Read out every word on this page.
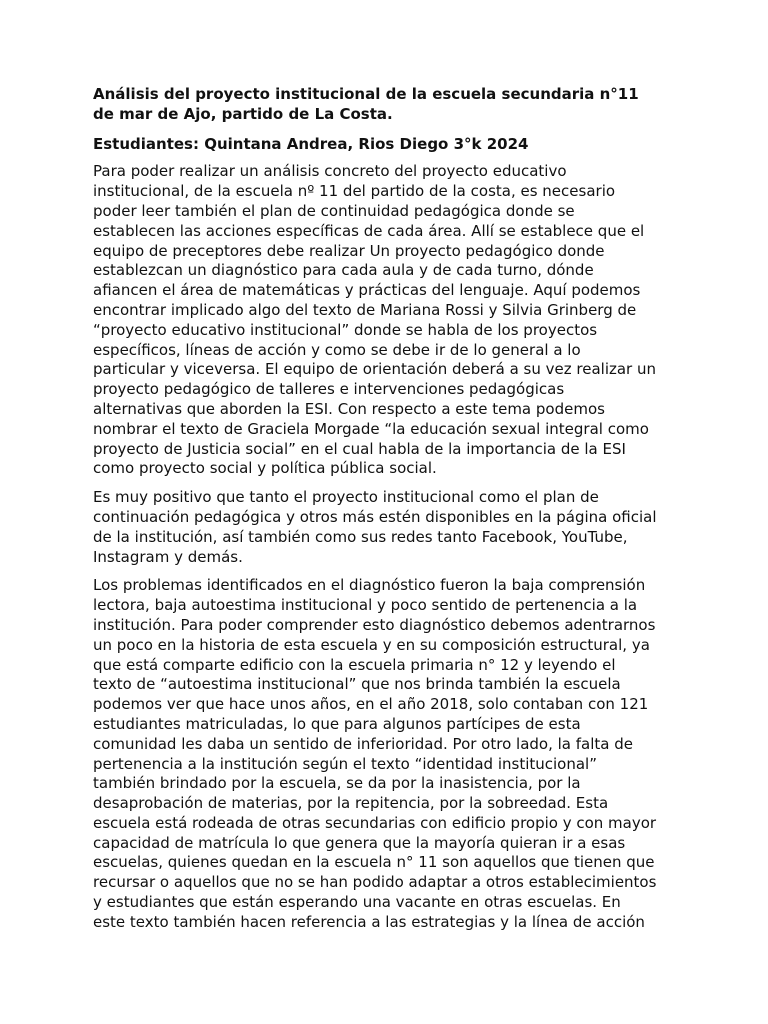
Análisis del proyecto institucional de la escuela secundaria n°11
de mar de Ajo, partido de La Costa.
Estudiantes: Quintana Andrea, Rios Diego 3°k 2024
Para poder realizar un análisis concreto del proyecto educativo
institucional, de la escuela nº 11 del partido de la costa, es necesario
poder leer también el plan de continuidad pedagógica donde se
establecen las acciones específicas de cada área. Allí se establece que el
equipo de preceptores debe realizar Un proyecto pedagógico donde
establezcan un diagnóstico para cada aula y de cada turno, dónde
afiancen el área de matemáticas y prácticas del lenguaje. Aquí podemos
encontrar implicado algo del texto de Mariana Rossi y Silvia Grinberg de
“proyecto educativo institucional” donde se habla de los proyectos
específicos, líneas de acción y como se debe ir de lo general a lo
particular y viceversa. El equipo de orientación deberá a su vez realizar un
proyecto pedagógico de talleres e intervenciones pedagógicas
alternativas que aborden la ESI. Con respecto a este tema podemos
nombrar el texto de Graciela Morgade “la educación sexual integral como
proyecto de Justicia social” en el cual habla de la importancia de la ESI
como proyecto social y política pública social.
Es muy positivo que tanto el proyecto institucional como el plan de
continuación pedagógica y otros más estén disponibles en la página oficial
de la institución, así también como sus redes tanto Facebook, YouTube,
Instagram y demás.
Los problemas identificados en el diagnóstico fueron la baja comprensión
lectora, baja autoestima institucional y poco sentido de pertenencia a la
institución. Para poder comprender esto diagnóstico debemos adentrarnos
un poco en la historia de esta escuela y en su composición estructural, ya
que está comparte edificio con la escuela primaria n° 12 y leyendo el
texto de “autoestima institucional” que nos brinda también la escuela
podemos ver que hace unos años, en el año 2018, solo contaban con 121
estudiantes matriculadas, lo que para algunos partícipes de esta
comunidad les daba un sentido de inferioridad. Por otro lado, la falta de
pertenencia a la institución según el texto “identidad institucional”
también brindado por la escuela, se da por la inasistencia, por la
desaprobación de materias, por la repitencia, por la sobreedad. Esta
escuela está rodeada de otras secundarias con edificio propio y con mayor
capacidad de matrícula lo que genera que la mayoría quieran ir a esas
escuelas, quienes quedan en la escuela n° 11 son aquellos que tienen que
recursar o aquellos que no se han podido adaptar a otros establecimientos
y estudiantes que están esperando una vacante en otras escuelas. En
este texto también hacen referencia a las estrategias y la línea de acción
